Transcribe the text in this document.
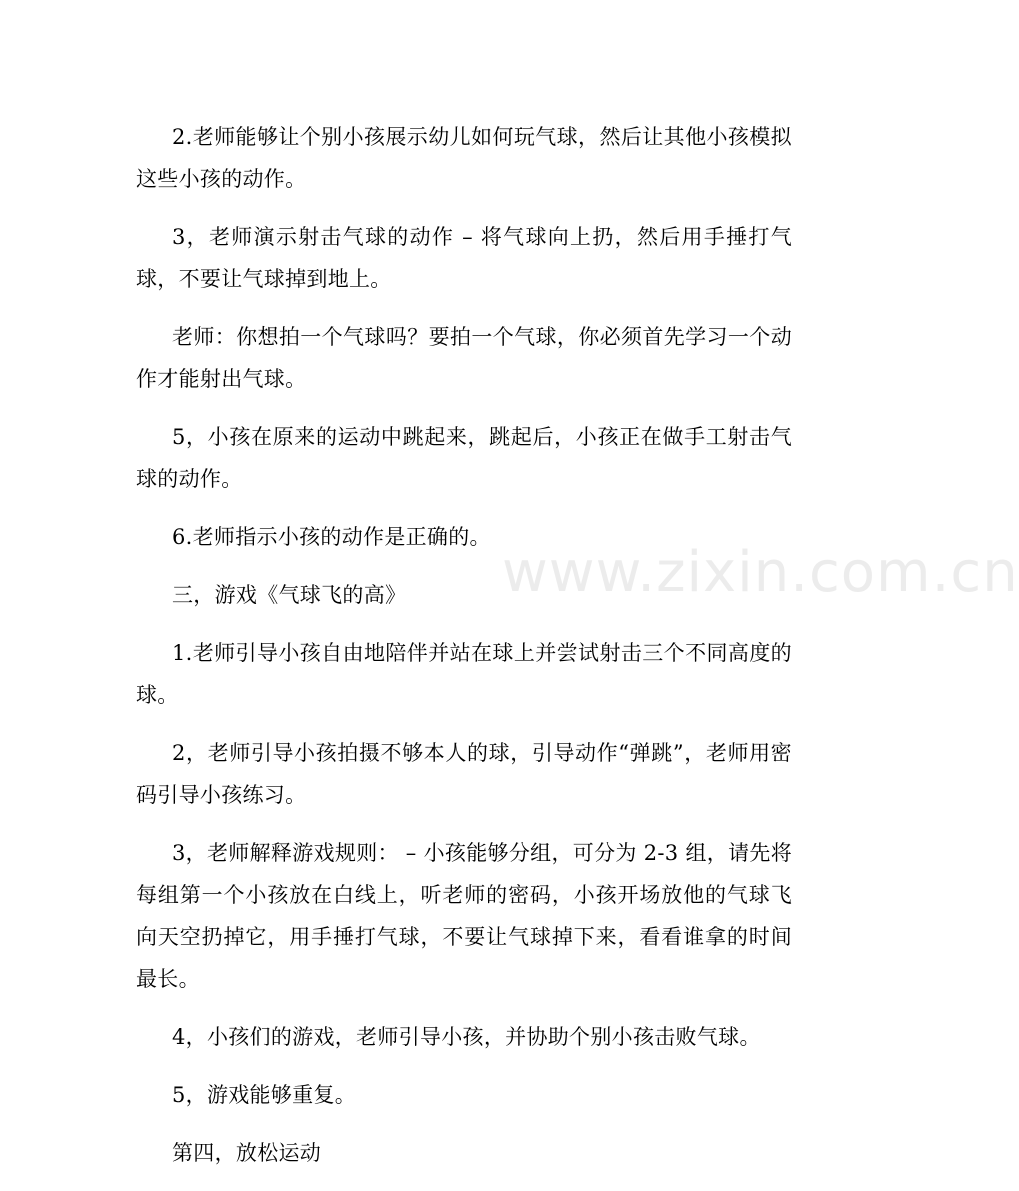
2.老师能够让个别小孩展示幼儿如何玩气球，然后让其他小孩模拟这些小孩的动作。

3，老师演示射击气球的动作 – 将气球向上扔，然后用手捶打气球，不要让气球掉到地上。

老师：你想拍一个气球吗？要拍一个气球，你必须首先学习一个动作才能射出气球。

5，小孩在原来的运动中跳起来，跳起后，小孩正在做手工射击气球的动作。

6.老师指示小孩的动作是正确的。

三，游戏《气球飞的高》

1.老师引导小孩自由地陪伴并站在球上并尝试射击三个不同高度的球。

2，老师引导小孩拍摄不够本人的球，引导动作“弹跳”，老师用密码引导小孩练习。

3，老师解释游戏规则： – 小孩能够分组，可分为 2-3 组，请先将每组第一个小孩放在白线上，听老师的密码，小孩开场放他的气球飞向天空扔掉它，用手捶打气球，不要让气球掉下来，看看谁拿的时间最长。

4，小孩们的游戏，老师引导小孩，并协助个别小孩击败气球。

5，游戏能够重复。

第四，放松运动

www.zixin.com.cn
